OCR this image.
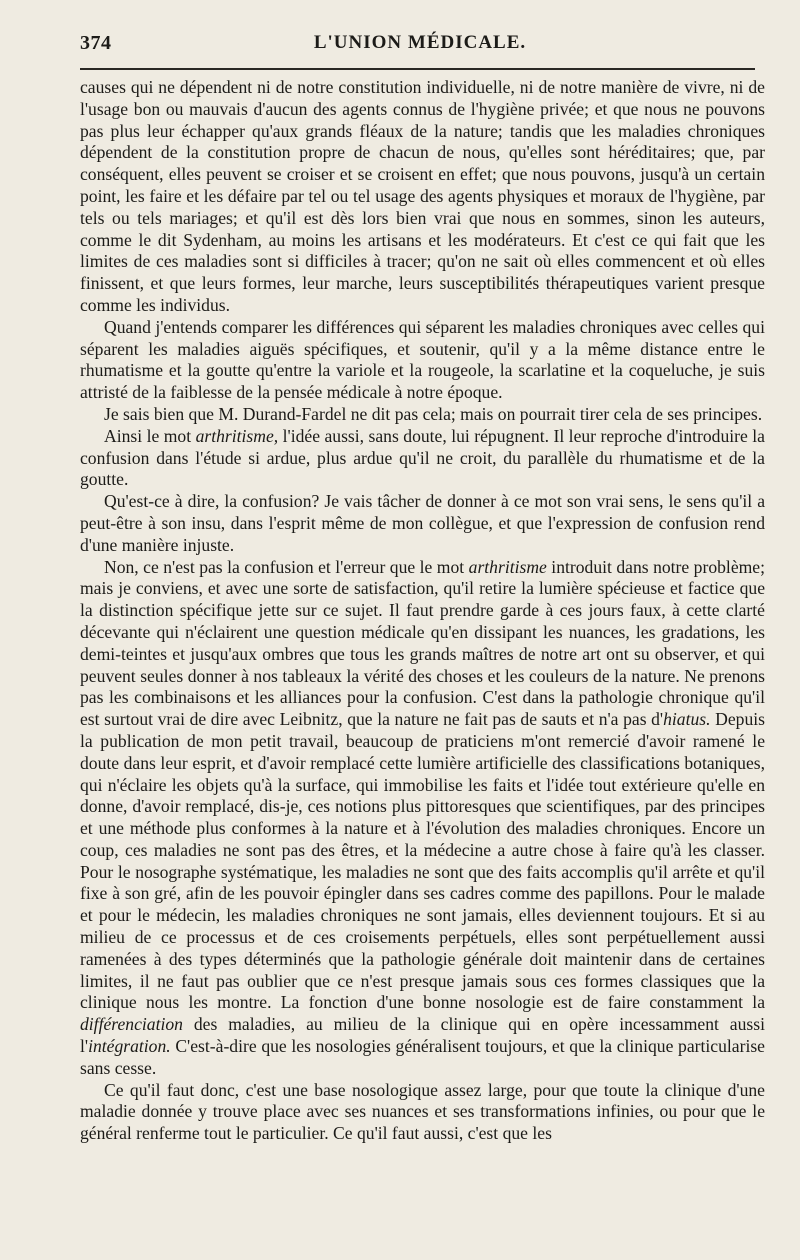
374	L'UNION MÉDICALE.

causes qui ne dépendent ni de notre constitution individuelle, ni de notre manière de vivre, ni de l'usage bon ou mauvais d'aucun des agents connus de l'hygiène privée; et que nous ne pouvons pas plus leur échapper qu'aux grands fléaux de la nature; tandis que les maladies chroniques dépendent de la constitution propre de chacun de nous, qu'elles sont héréditaires; que, par conséquent, elles peuvent se croiser et se croisent en effet; que nous pouvons, jusqu'à un certain point, les faire et les défaire par tel ou tel usage des agents physiques et moraux de l'hygiène, par tels ou tels mariages; et qu'il est dès lors bien vrai que nous en sommes, sinon les auteurs, comme le dit Sydenham, au moins les artisans et les modérateurs. Et c'est ce qui fait que les limites de ces maladies sont si difficiles à tracer; qu'on ne sait où elles commencent et où elles finissent, et que leurs formes, leur marche, leurs susceptibilités thérapeutiques varient presque comme les individus.

Quand j'entends comparer les différences qui séparent les maladies chroniques avec celles qui séparent les maladies aiguës spécifiques, et soutenir, qu'il y a la même distance entre le rhumatisme et la goutte qu'entre la variole et la rougeole, la scarlatine et la coqueluche, je suis attristé de la faiblesse de la pensée médicale à notre époque.

Je sais bien que M. Durand-Fardel ne dit pas cela; mais on pourrait tirer cela de ses principes.

Ainsi le mot arthritisme, l'idée aussi, sans doute, lui répugnent. Il leur reproche d'introduire la confusion dans l'étude si ardue, plus ardue qu'il ne croit, du parallèle du rhumatisme et de la goutte.

Qu'est-ce à dire, la confusion? Je vais tâcher de donner à ce mot son vrai sens, le sens qu'il a peut-être à son insu, dans l'esprit même de mon collègue, et que l'expression de confusion rend d'une manière injuste.

Non, ce n'est pas la confusion et l'erreur que le mot arthritisme introduit dans notre problème; mais je conviens, et avec une sorte de satisfaction, qu'il retire la lumière spécieuse et factice que la distinction spécifique jette sur ce sujet. Il faut prendre garde à ces jours faux, à cette clarté décevante qui n'éclairent une question médicale qu'en dissipant les nuances, les gradations, les demi-teintes et jusqu'aux ombres que tous les grands maîtres de notre art ont su observer, et qui peuvent seules donner à nos tableaux la vérité des choses et les couleurs de la nature. Ne prenons pas les combinaisons et les alliances pour la confusion. C'est dans la pathologie chronique qu'il est surtout vrai de dire avec Leibnitz, que la nature ne fait pas de sauts et n'a pas d'hiatus. Depuis la publication de mon petit travail, beaucoup de praticiens m'ont remercié d'avoir ramené le doute dans leur esprit, et d'avoir remplacé cette lumière artificielle des classifications botaniques, qui n'éclaire les objets qu'à la surface, qui immobilise les faits et l'idée tout extérieure qu'elle en donne, d'avoir remplacé, dis-je, ces notions plus pittoresques que scientifiques, par des principes et une méthode plus conformes à la nature et à l'évolution des maladies chroniques. Encore un coup, ces maladies ne sont pas des êtres, et la médecine a autre chose à faire qu'à les classer. Pour le nosographe systématique, les maladies ne sont que des faits accomplis qu'il arrête et qu'il fixe à son gré, afin de les pouvoir épingler dans ses cadres comme des papillons. Pour le malade et pour le médecin, les maladies chroniques ne sont jamais, elles deviennent toujours. Et si au milieu de ce processus et de ces croisements perpétuels, elles sont perpétuellement aussi ramenées à des types déterminés que la pathologie générale doit maintenir dans de certaines limites, il ne faut pas oublier que ce n'est presque jamais sous ces formes classiques que la clinique nous les montre. La fonction d'une bonne nosologie est de faire constamment la différenciation des maladies, au milieu de la clinique qui en opère incessamment aussi l'intégration. C'est-à-dire que les nosologies généralisent toujours, et que la clinique particularise sans cesse.

Ce qu'il faut donc, c'est une base nosologique assez large, pour que toute la clinique d'une maladie donnée y trouve place avec ses nuances et ses transformations infinies, ou pour que le général renferme tout le particulier. Ce qu'il faut aussi, c'est que les
